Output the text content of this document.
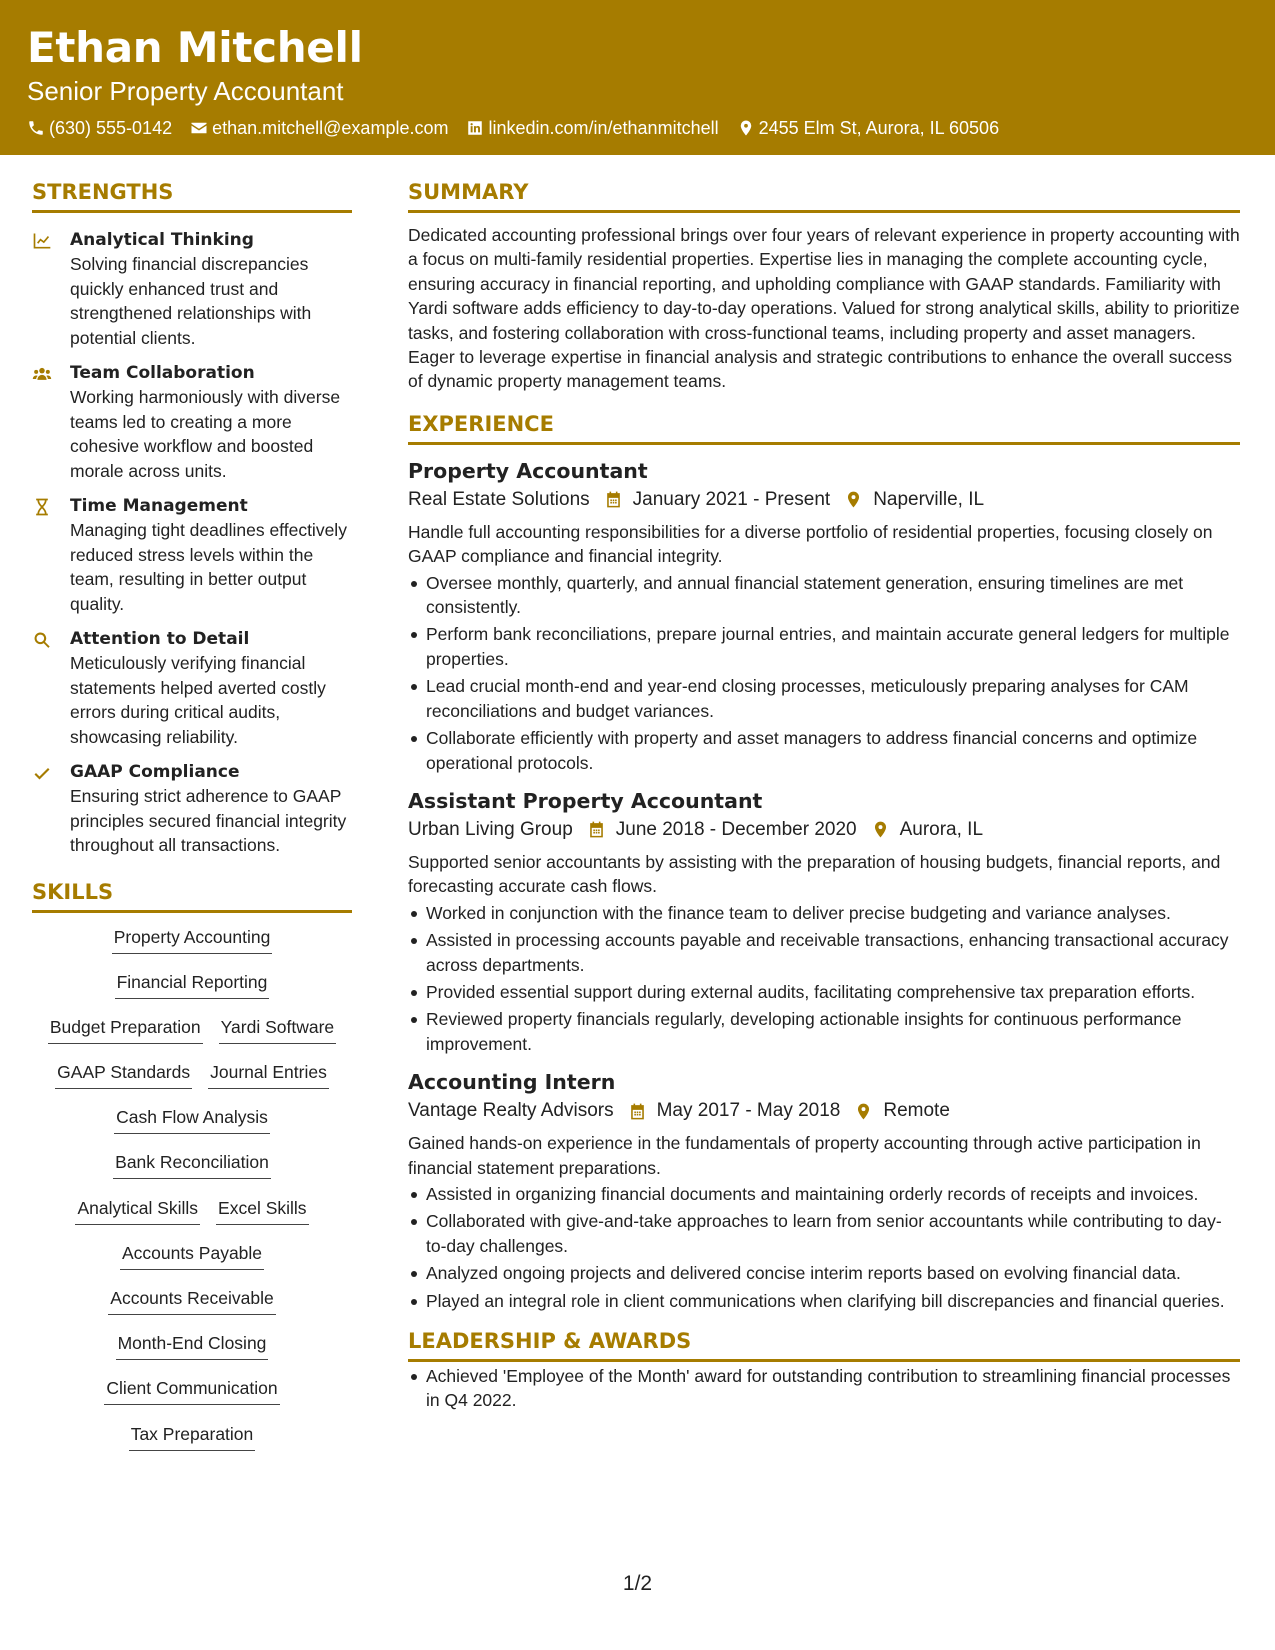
Ethan Mitchell
Senior Property Accountant
(630) 555-0142 ethan.mitchell@example.com linkedin.com/in/ethanmitchell 2455 Elm St, Aurora, IL 60506
STRENGTHS
Analytical Thinking
Solving financial discrepancies quickly enhanced trust and strengthened relationships with potential clients.
Team Collaboration
Working harmoniously with diverse teams led to creating a more cohesive workflow and boosted morale across units.
Time Management
Managing tight deadlines effectively reduced stress levels within the team, resulting in better output quality.
Attention to Detail
Meticulously verifying financial statements helped averted costly errors during critical audits, showcasing reliability.
GAAP Compliance
Ensuring strict adherence to GAAP principles secured financial integrity throughout all transactions.
SKILLS
Property Accounting
Financial Reporting
Budget Preparation Yardi Software
GAAP Standards Journal Entries
Cash Flow Analysis
Bank Reconciliation
Analytical Skills Excel Skills
Accounts Payable
Accounts Receivable
Month-End Closing
Client Communication
Tax Preparation
SUMMARY
Dedicated accounting professional brings over four years of relevant experience in property accounting with a focus on multi-family residential properties. Expertise lies in managing the complete accounting cycle, ensuring accuracy in financial reporting, and upholding compliance with GAAP standards. Familiarity with Yardi software adds efficiency to day-to-day operations. Valued for strong analytical skills, ability to prioritize tasks, and fostering collaboration with cross-functional teams, including property and asset managers. Eager to leverage expertise in financial analysis and strategic contributions to enhance the overall success of dynamic property management teams.
EXPERIENCE
Property Accountant
Real Estate Solutions January 2021 - Present Naperville, IL
Handle full accounting responsibilities for a diverse portfolio of residential properties, focusing closely on GAAP compliance and financial integrity.
Oversee monthly, quarterly, and annual financial statement generation, ensuring timelines are met consistently.
Perform bank reconciliations, prepare journal entries, and maintain accurate general ledgers for multiple properties.
Lead crucial month-end and year-end closing processes, meticulously preparing analyses for CAM reconciliations and budget variances.
Collaborate efficiently with property and asset managers to address financial concerns and optimize operational protocols.
Assistant Property Accountant
Urban Living Group June 2018 - December 2020 Aurora, IL
Supported senior accountants by assisting with the preparation of housing budgets, financial reports, and forecasting accurate cash flows.
Worked in conjunction with the finance team to deliver precise budgeting and variance analyses.
Assisted in processing accounts payable and receivable transactions, enhancing transactional accuracy across departments.
Provided essential support during external audits, facilitating comprehensive tax preparation efforts.
Reviewed property financials regularly, developing actionable insights for continuous performance improvement.
Accounting Intern
Vantage Realty Advisors May 2017 - May 2018 Remote
Gained hands-on experience in the fundamentals of property accounting through active participation in financial statement preparations.
Assisted in organizing financial documents and maintaining orderly records of receipts and invoices.
Collaborated with give-and-take approaches to learn from senior accountants while contributing to day-to-day challenges.
Analyzed ongoing projects and delivered concise interim reports based on evolving financial data.
Played an integral role in client communications when clarifying bill discrepancies and financial queries.
LEADERSHIP & AWARDS
Achieved 'Employee of the Month' award for outstanding contribution to streamlining financial processes in Q4 2022.
1/2
